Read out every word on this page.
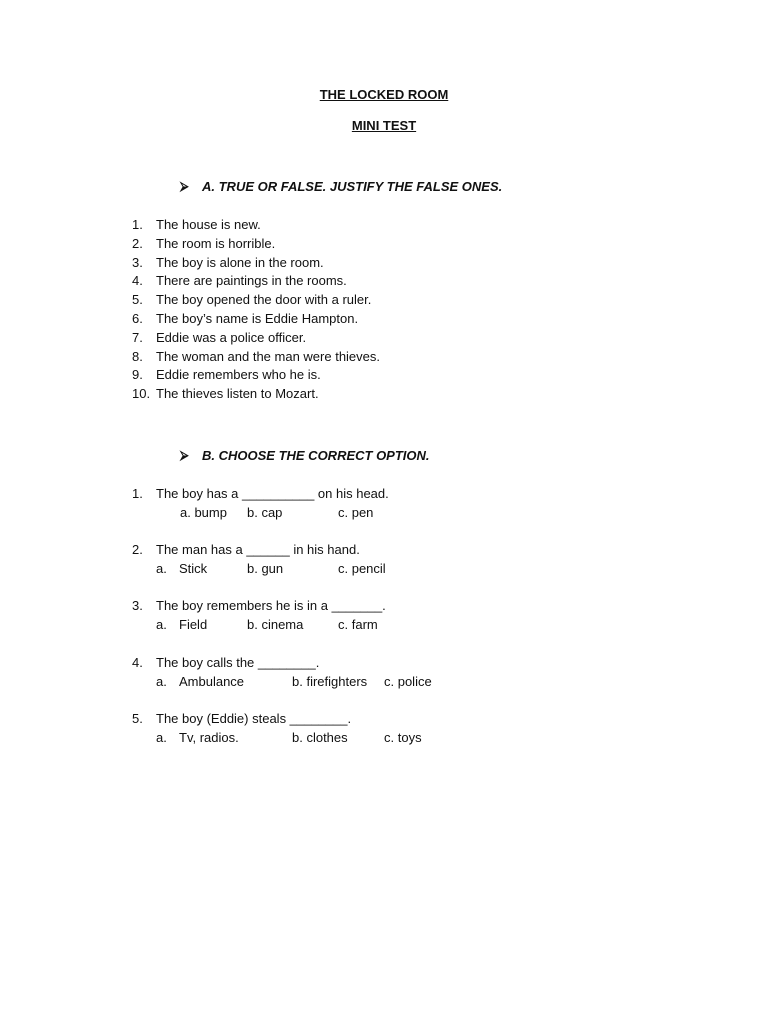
THE LOCKED ROOM
MINI TEST
⮚	A. TRUE OR FALSE. JUSTIFY THE FALSE ONES.
1.	The house is new.
2.	The room is horrible.
3.	The boy is alone in the room.
4.	There are paintings in the rooms.
5.	The boy opened the door with a ruler.
6.	The boy’s name is Eddie Hampton.
7.	Eddie was a police officer.
8.	The woman and the man were thieves.
9.	Eddie remembers who he is.
10. The thieves listen to Mozart.
⮚	B. CHOOSE THE CORRECT OPTION.
1.	The boy has a __________ on his head.
a. bump b. cap	c. pen
2.	The man has a ______ in his hand.
a. Stick	b. gun	c. pencil
3.	The boy remembers he is in a _______.
a. Field	b. cinema	c. farm
4.	The boy calls the ________.
a. Ambulance	b. firefighters c. police
5.	The boy (Eddie) steals ________.
a. Tv, radios.	b. clothes	c. toys
